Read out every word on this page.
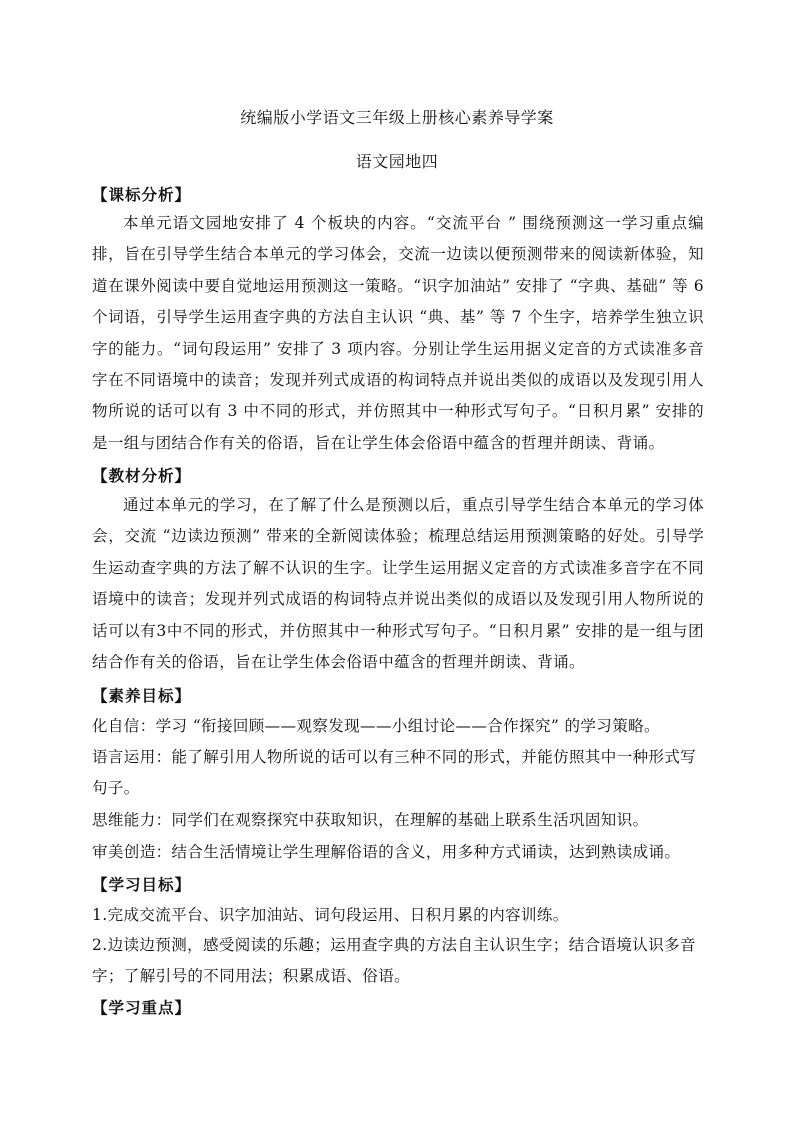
统编版小学语文三年级上册核心素养导学案
语文园地四
【课标分析】
本单元语文园地安排了 4 个板块的内容。“交流平台 ” 围绕预测这一学习重点编排，旨在引导学生结合本单元的学习体会，交流一边读以便预测带来的阅读新体验，知道在课外阅读中要自觉地运用预测这一策略。“识字加油站” 安排了 “字典、基础” 等 6 个词语，引导学生运用查字典的方法自主认识 “典、基” 等 7 个生字，培养学生独立识字的能力。“词句段运用” 安排了 3 项内容。分别让学生运用据义定音的方式读准多音字在不同语境中的读音；发现并列式成语的构词特点并说出类似的成语以及发现引用人物所说的话可以有 3 中不同的形式，并仿照其中一种形式写句子。“日积月累” 安排的是一组与团结合作有关的俗语，旨在让学生体会俗语中蕴含的哲理并朗读、背诵。
【教材分析】
通过本单元的学习，在了解了什么是预测以后，重点引导学生结合本单元的学习体会，交流 “边读边预测” 带来的全新阅读体验；梳理总结运用预测策略的好处。引导学生运动查字典的方法了解不认识的生字。让学生运用据义定音的方式读准多音字在不同语境中的读音；发现并列式成语的构词特点并说出类似的成语以及发现引用人物所说的话可以有3中不同的形式，并仿照其中一种形式写句子。“日积月累” 安排的是一组与团结合作有关的俗语，旨在让学生体会俗语中蕴含的哲理并朗读、背诵。
【素养目标】
化自信：学习 “衔接回顾——观察发现——小组讨论——合作探究” 的学习策略。
语言运用：能了解引用人物所说的话可以有三种不同的形式，并能仿照其中一种形式写句子。
思维能力：同学们在观察探究中获取知识，在理解的基础上联系生活巩固知识。
审美创造：结合生活情境让学生理解俗语的含义，用多种方式诵读，达到熟读成诵。
【学习目标】
1.完成交流平台、识字加油站、词句段运用、日积月累的内容训练。
2.边读边预测，感受阅读的乐趣；运用查字典的方法自主认识生字；结合语境认识多音字；了解引号的不同用法；积累成语、俗语。
【学习重点】
